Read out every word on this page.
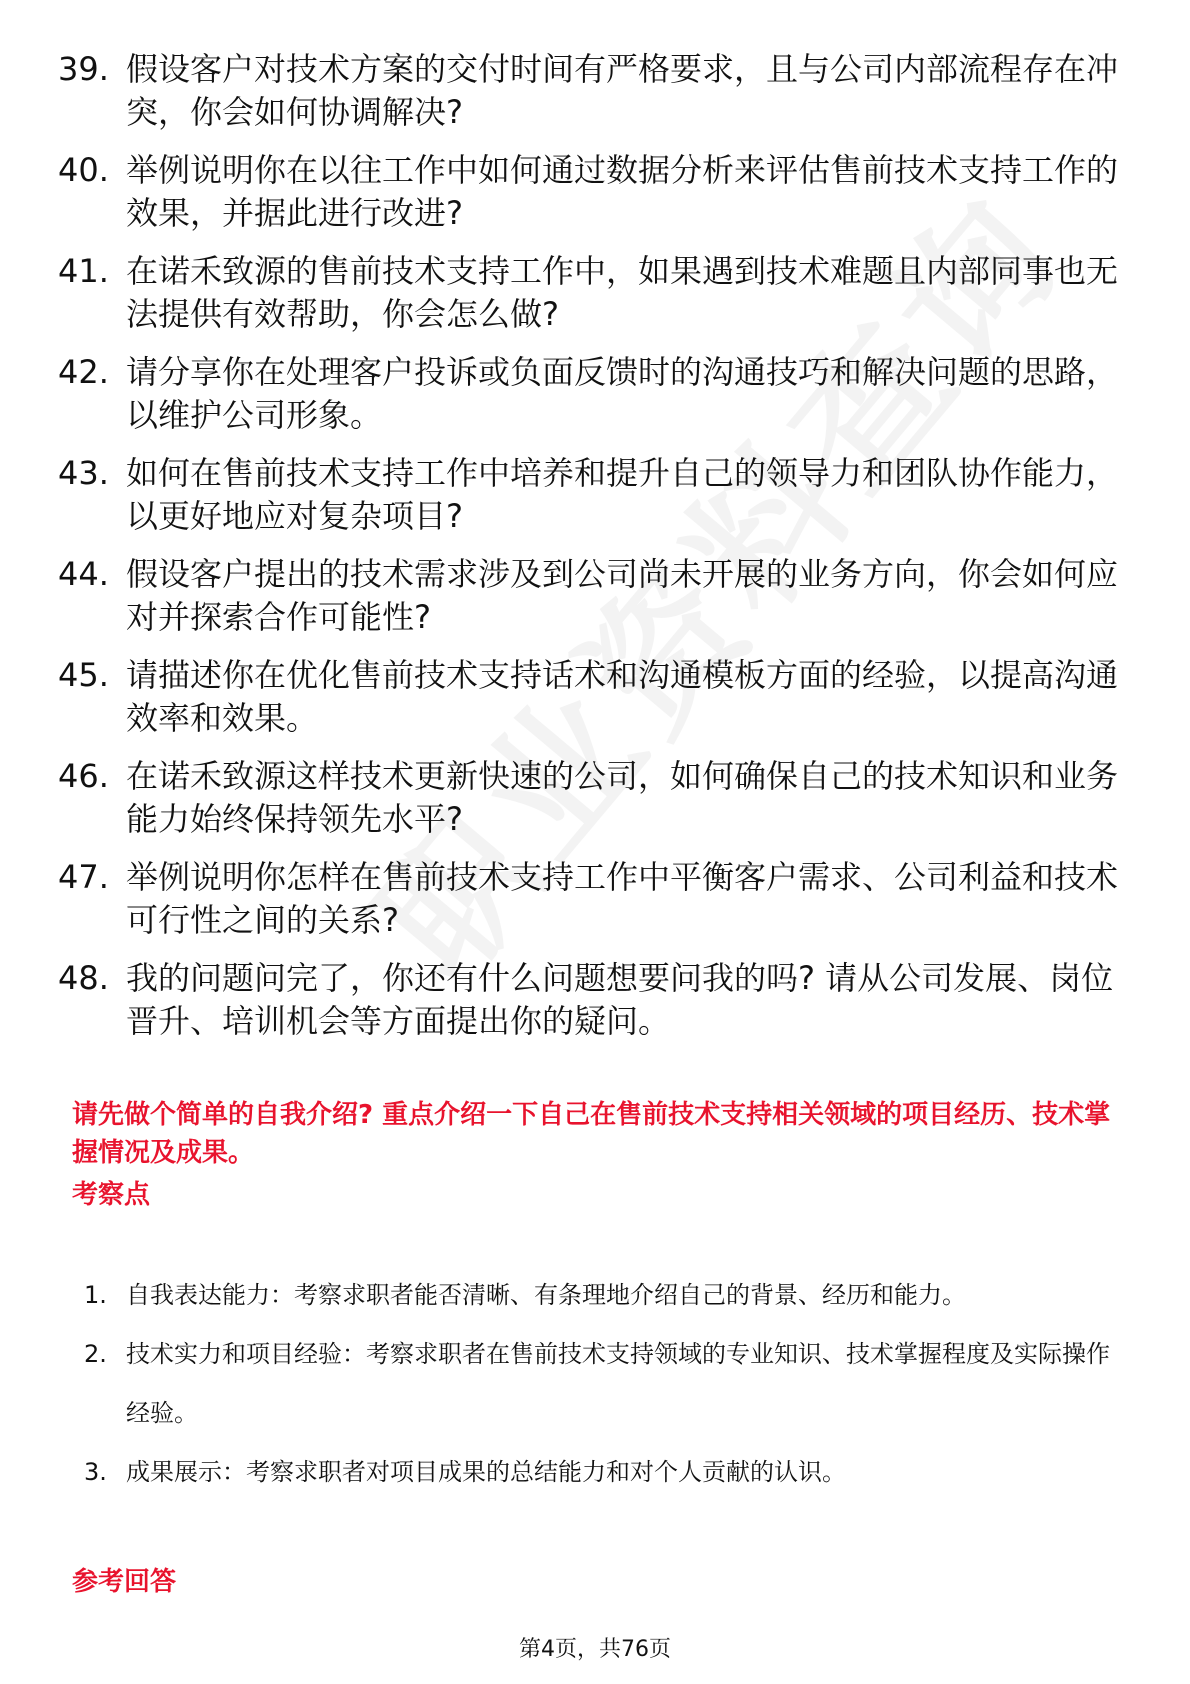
39. 假设客户对技术方案的交付时间有严格要求，且与公司内部流程存在冲突，你会如何协调解决?
40. 举例说明你在以往工作中如何通过数据分析来评估售前技术支持工作的效果，并据此进行改进?
41. 在诺禾致源的售前技术支持工作中，如果遇到技术难题且内部同事也无法提供有效帮助，你会怎么做?
42. 请分享你在处理客户投诉或负面反馈时的沟通技巧和解决问题的思路，以维护公司形象。
43. 如何在售前技术支持工作中培养和提升自己的领导力和团队协作能力，以更好地应对复杂项目?
44. 假设客户提出的技术需求涉及到公司尚未开展的业务方向，你会如何应对并探索合作可能性?
45. 请描述你在优化售前技术支持话术和沟通模板方面的经验，以提高沟通效率和效果。
46. 在诺禾致源这样技术更新快速的公司，如何确保自己的技术知识和业务能力始终保持领先水平?
47. 举例说明你怎样在售前技术支持工作中平衡客户需求、公司利益和技术可行性之间的关系?
48. 我的问题问完了，你还有什么问题想要问我的吗? 请从公司发展、岗位晋升、培训机会等方面提出你的疑问。
请先做个简单的自我介绍? 重点介绍一下自己在售前技术支持相关领域的项目经历、技术掌握情况及成果。
考察点
1. 自我表达能力：考察求职者能否清晰、有条理地介绍自己的背景、经历和能力。
2. 技术实力和项目经验：考察求职者在售前技术支持领域的专业知识、技术掌握程度及实际操作经验。
3. 成果展示：考察求职者对项目成果的总结能力和对个人贡献的认识。
参考回答
第4页，共76页
